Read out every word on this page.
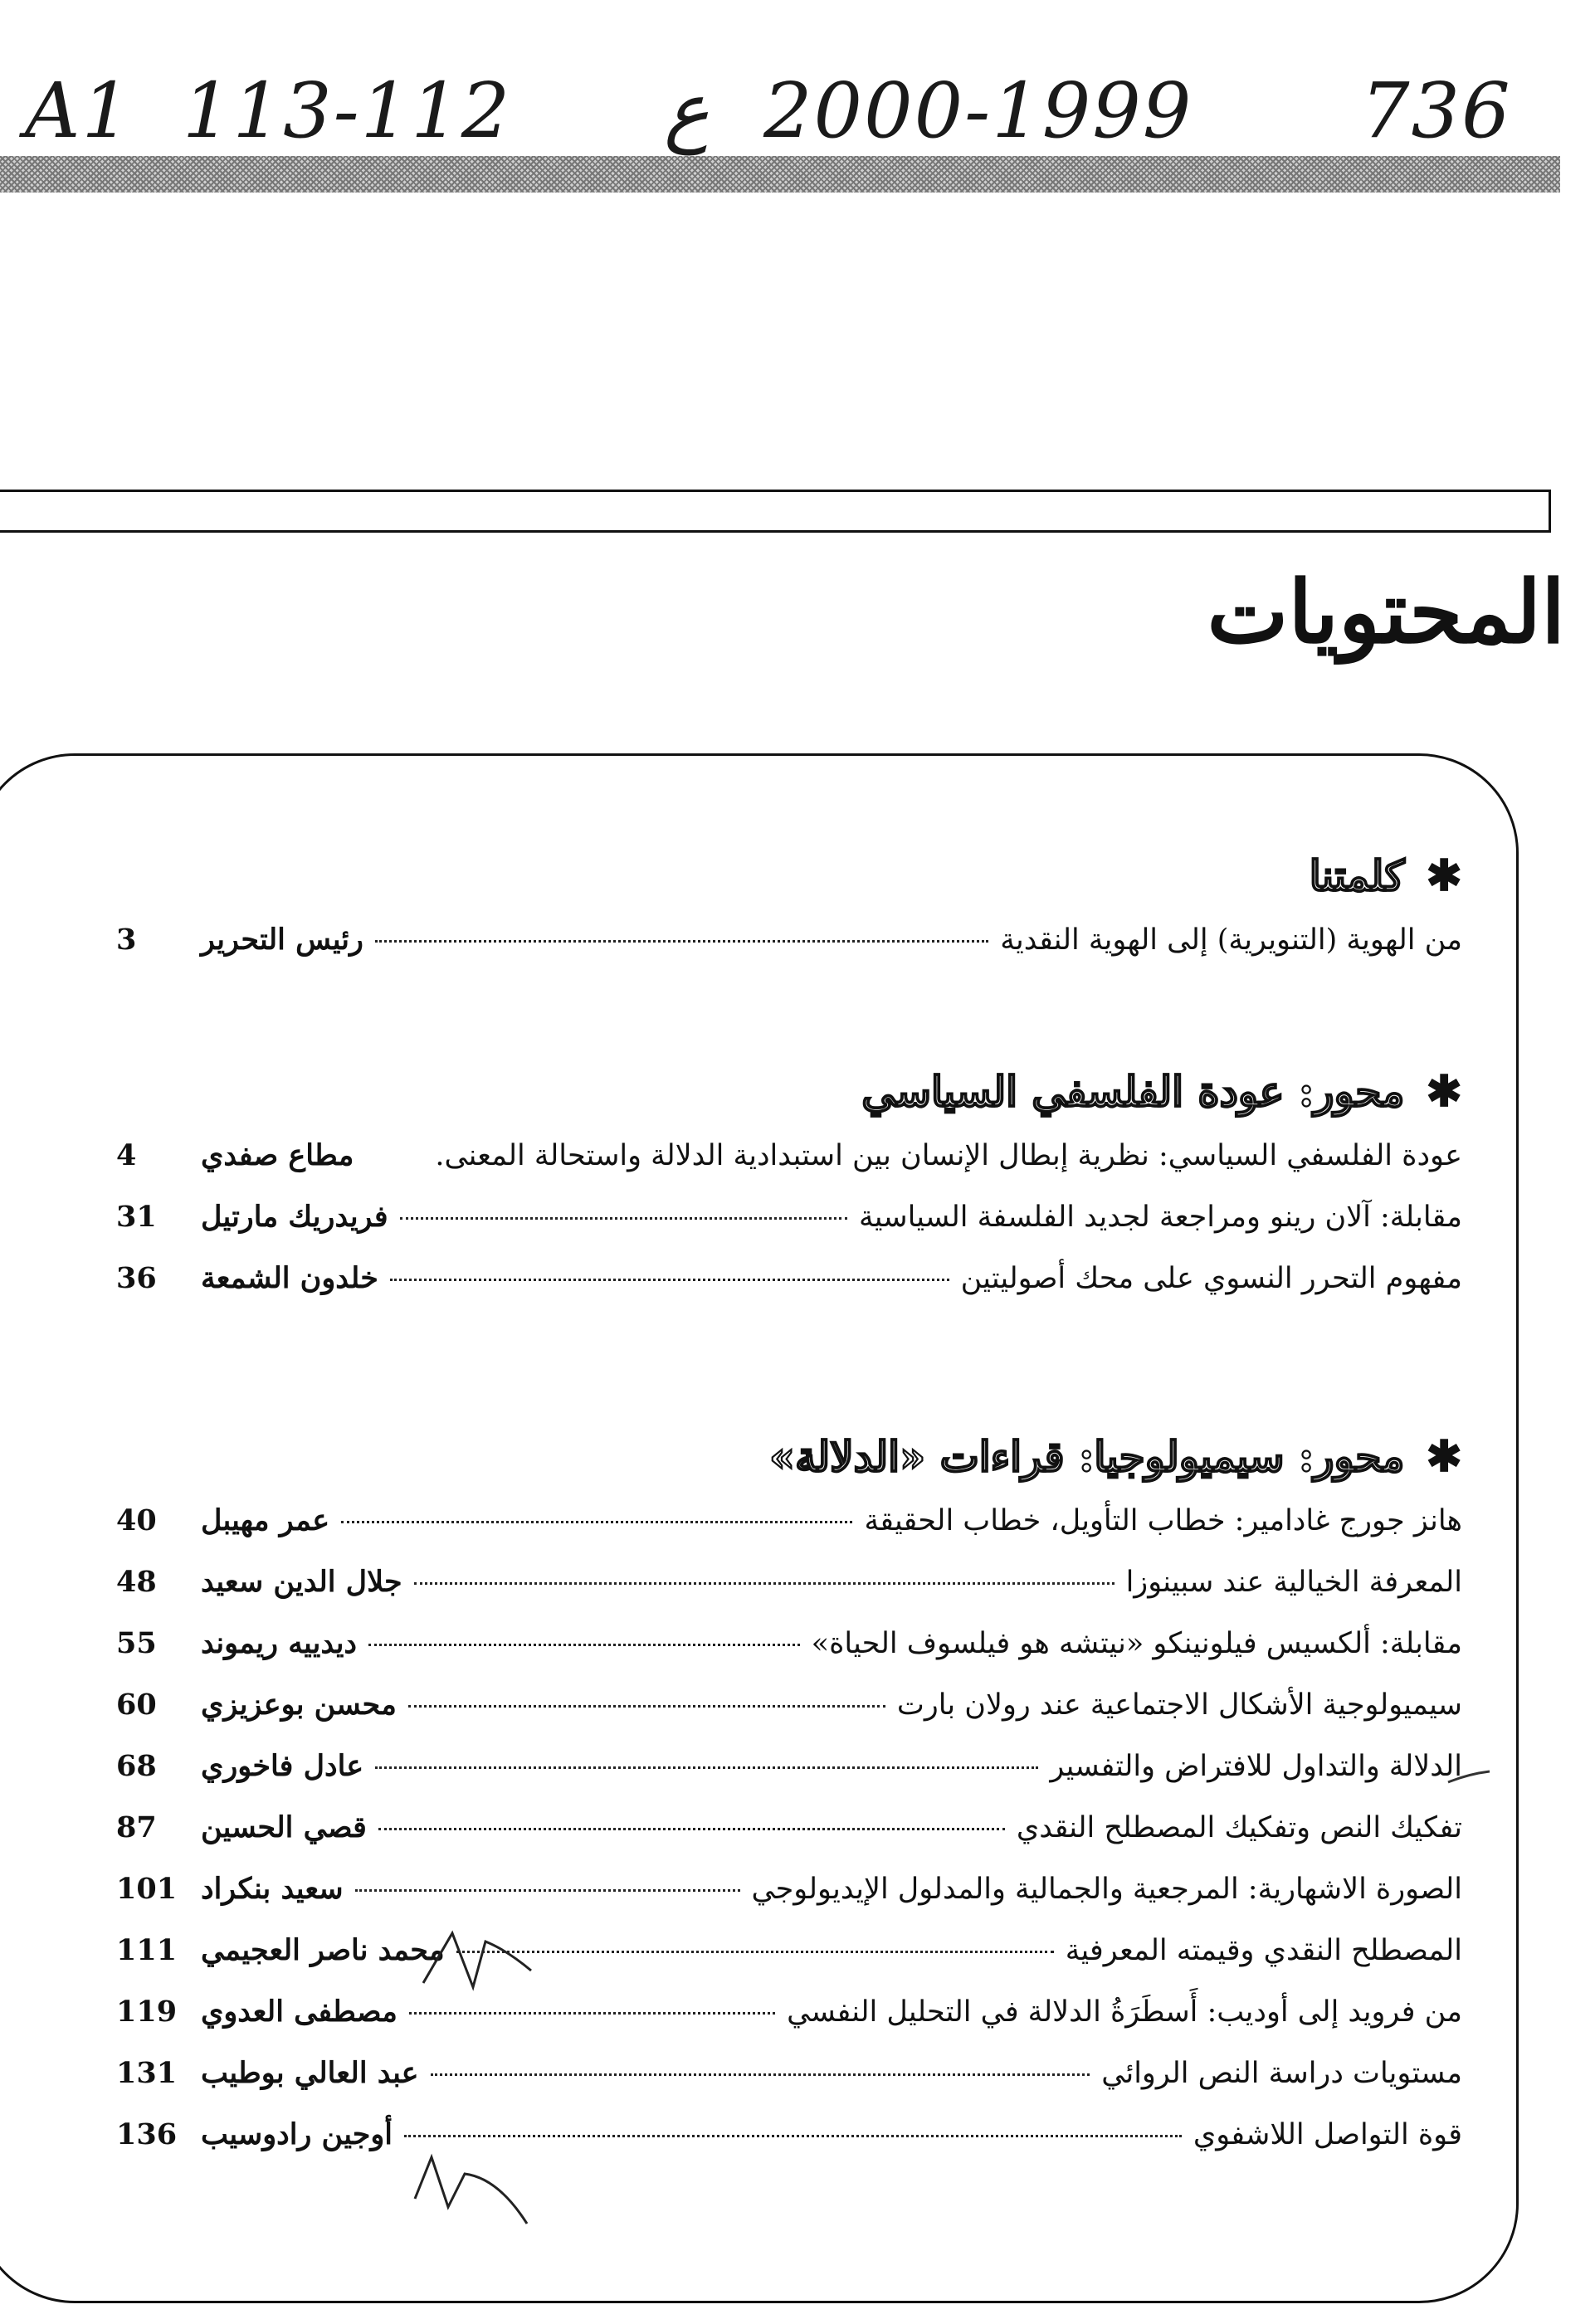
A1 113-112 ع 2000-1999 736
المحتويات
✱
كلمتنا
من الهوية (التنويرية) إلى الهوية النقدية
رئيس التحرير
3
✱
محور: عودة الفلسفي السياسي
عودة الفلسفي السياسي: نظرية إبطال الإنسان بين استبدادية الدلالة واستحالة المعنى.
مطاع صفدي
4
مقابلة: آلان رينو ومراجعة لجديد الفلسفة السياسية
فريدريك مارتيل
31
مفهوم التحرر النسوي على محك أصوليتين
خلدون الشمعة
36
✱
محور: سيميولوجيا: قراءات «الدلالة»
هانز جورج غادامير: خطاب التأويل، خطاب الحقيقة
عمر مهيبل
40
المعرفة الخيالية عند سبينوزا
جلال الدين سعيد
48
مقابلة: ألكسيس فيلونينكو «نيتشه هو فيلسوف الحياة»
ديدييه ريموند
55
سيميولوجية الأشكال الاجتماعية عند رولان بارت
محسن بوعزيزي
60
الدلالة والتداول للافتراض والتفسير
عادل فاخوري
68
تفكيك النص وتفكيك المصطلح النقدي
قصي الحسين
87
الصورة الاشهارية: المرجعية والجمالية والمدلول الإيديولوجي
سعيد بنكراد
101
المصطلح النقدي وقيمته المعرفية
محمد ناصر العجيمي
111
من فرويد إلى أوديب: أَسطَرَةُ الدلالة في التحليل النفسي
مصطفى العدوي
119
مستويات دراسة النص الروائي
عبد العالي بوطيب
131
قوة التواصل اللاشفوي
أوجين رادوسيب
136
